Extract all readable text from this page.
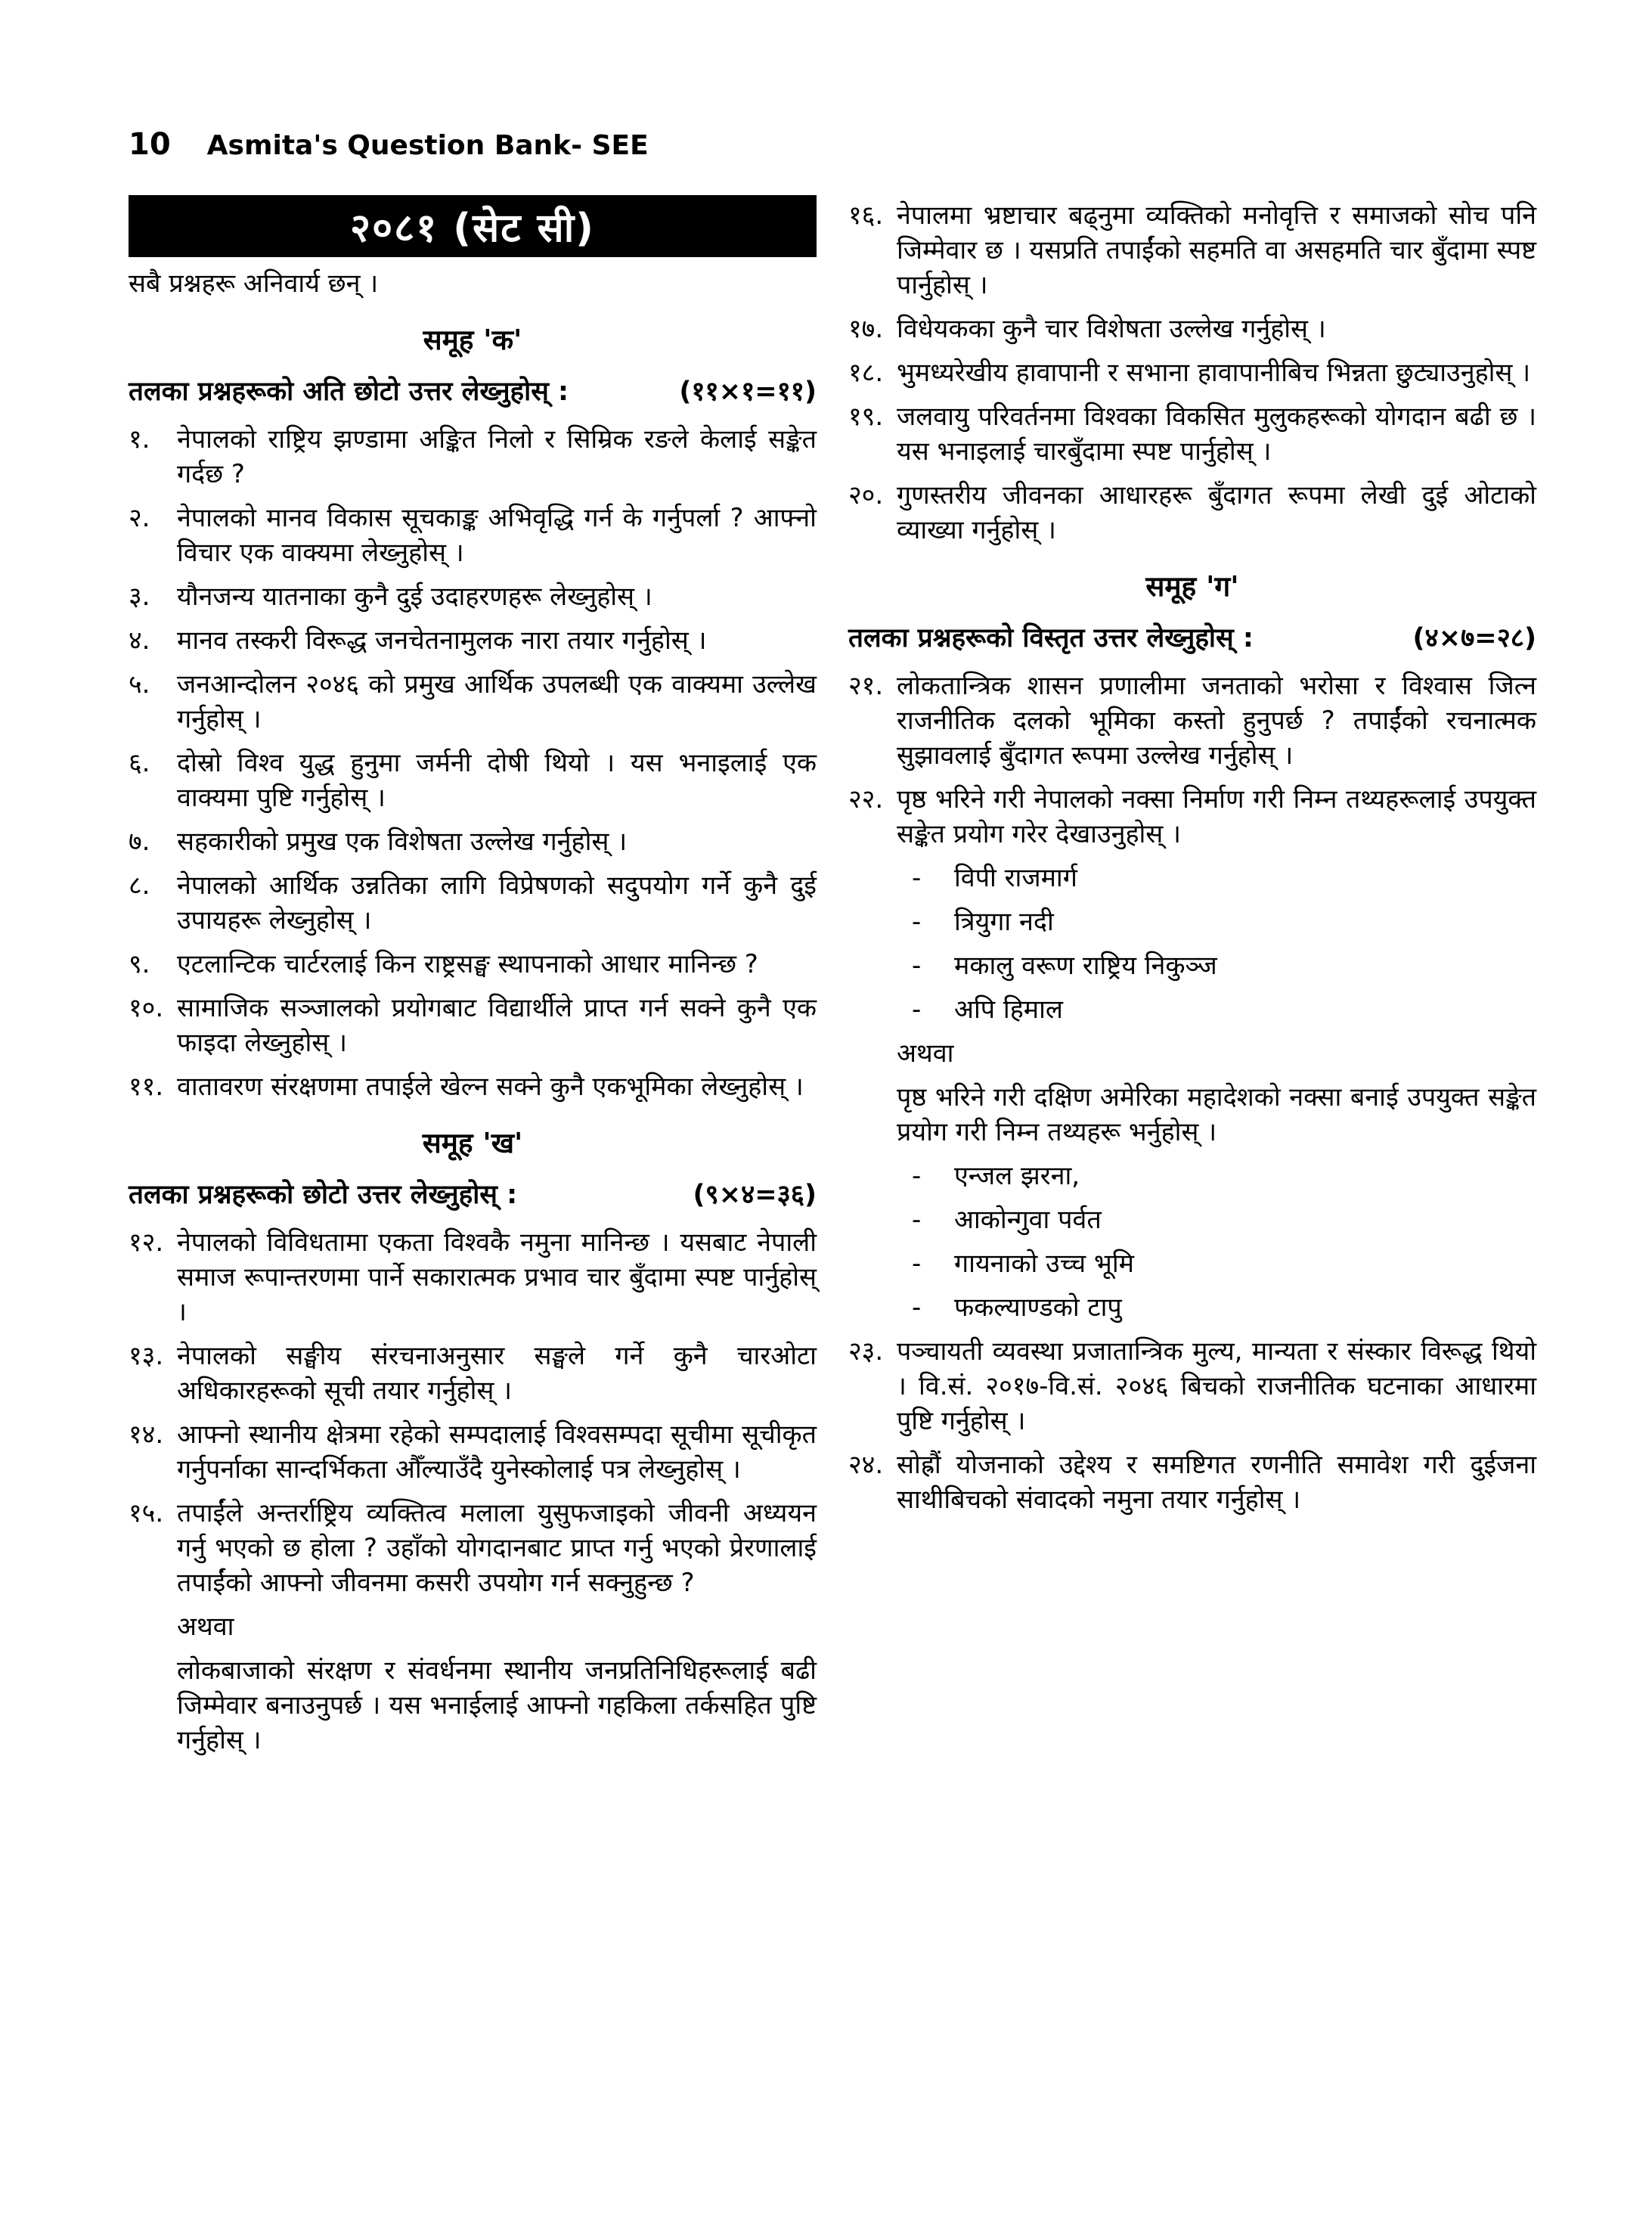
10 Asmita's Question Bank- SEE
२०८१ (सेट सी)
सबै प्रश्नहरू अनिवार्य छन् ।
समूह 'क'
तलका प्रश्नहरूको अति छोटो उत्तर लेख्नुहोस् :	(११×१=११)
१.	नेपालको राष्ट्रिय झण्डामा अङ्कित निलो र सिम्रिक रङले केलाई सङ्केत गर्दछ ?
२.	नेपालको मानव विकास सूचकाङ्क अभिवृद्धि गर्न के गर्नुपर्ला ? आफ्नो विचार एक वाक्यमा लेख्नुहोस् ।
३.	यौनजन्य यातनाका कुनै दुई उदाहरणहरू लेख्नुहोस् ।
४.	मानव तस्करी विरूद्ध जनचेतनामुलक नारा तयार गर्नुहोस् ।
५.	जनआन्दोलन २०४६ को प्रमुख आर्थिक उपलब्धी एक वाक्यमा उल्लेख गर्नुहोस् ।
६.	दोस्रो विश्व युद्ध हुनुमा जर्मनी दोषी थियो । यस भनाइलाई एक वाक्यमा पुष्टि गर्नुहोस् ।
७.	सहकारीको प्रमुख एक विशेषता उल्लेख गर्नुहोस् ।
८.	नेपालको आर्थिक उन्नतिका लागि विप्रेषणको सदुपयोग गर्ने कुनै दुई उपायहरू लेख्नुहोस् ।
९.	एटलान्टिक चार्टरलाई किन राष्ट्रसङ्घ स्थापनाको आधार मानिन्छ ?
१०. सामाजिक सञ्जालको प्रयोगबाट विद्यार्थीले प्राप्त गर्न सक्ने कुनै एक फाइदा लेख्नुहोस् ।
११. वातावरण संरक्षणमा तपाईले खेल्न सक्ने कुनै एकभूमिका लेख्नुहोस् ।
समूह 'ख'
तलका प्रश्नहरूको छोटो उत्तर लेख्नुहोस् :	(९×४=३६)
१२. नेपालको विविधतामा एकता विश्वकै नमुना मानिन्छ । यसबाट नेपाली समाज रूपान्तरणमा पार्ने सकारात्मक प्रभाव चार बुँदामा स्पष्ट पार्नुहोस् ।
१३. नेपालको सङ्घीय संरचनाअनुसार सङ्घले गर्ने कुनै चारओटा अधिकारहरूको सूची तयार गर्नुहोस् ।
१४. आफ्नो स्थानीय क्षेत्रमा रहेको सम्पदालाई विश्वसम्पदा सूचीमा सूचीकृत गर्नुपर्नाका सान्दर्भिकता औँल्याउँदै युनेस्कोलाई पत्र लेख्नुहोस् ।
१५. तपाईंले अन्तर्राष्ट्रिय व्यक्तित्व मलाला युसुफजाइको जीवनी अध्ययन गर्नु भएको छ होला ? उहाँको योगदानबाट प्राप्त गर्नु भएको प्रेरणालाई तपाईंको आफ्नो जीवनमा कसरी उपयोग गर्न सक्नुहुन्छ ?
अथवा
लोकबाजाको संरक्षण र संवर्धनमा स्थानीय जनप्रतिनिधिहरूलाई बढी जिम्मेवार बनाउनुपर्छ । यस भनाईलाई आफ्नो गहकिला तर्कसहित पुष्टि गर्नुहोस् ।
१६. नेपालमा भ्रष्टाचार बढ्नुमा व्यक्तिको मनोवृत्ति र समाजको सोच पनि जिम्मेवार छ । यसप्रति तपाईंको सहमति वा असहमति चार बुँदामा स्पष्ट पार्नुहोस् ।
१७. विधेयकका कुनै चार विशेषता उल्लेख गर्नुहोस् ।
१८. भुमध्यरेखीय हावापानी र सभाना हावापानीबिच भिन्नता छुट्याउनुहोस् ।
१९. जलवायु परिवर्तनमा विश्वका विकसित मुलुकहरूको योगदान बढी छ । यस भनाइलाई चारबुँदामा स्पष्ट पार्नुहोस् ।
२०. गुणस्तरीय जीवनका आधारहरू बुँदागत रूपमा लेखी दुई ओटाको व्याख्या गर्नुहोस् ।
समूह 'ग'
तलका प्रश्नहरूको विस्तृत उत्तर लेख्नुहोस् :	(४×७=२८)
२१. लोकतान्त्रिक शासन प्रणालीमा जनताको भरोसा र विश्वास जित्न राजनीतिक दलको भूमिका कस्तो हुनुपर्छ ? तपाईंको रचनात्मक सुझावलाई बुँदागत रूपमा उल्लेख गर्नुहोस् ।
२२. पृष्ठ भरिने गरी नेपालको नक्सा निर्माण गरी निम्न तथ्यहरूलाई उपयुक्त सङ्केत प्रयोग गरेर देखाउनुहोस् ।
-	विपी राजमार्ग
-	त्रियुगा नदी
-	मकालु वरूण राष्ट्रिय निकुञ्ज
-	अपि हिमाल
अथवा
पृष्ठ भरिने गरी दक्षिण अमेरिका महादेशको नक्सा बनाई उपयुक्त सङ्केत प्रयोग गरी निम्न तथ्यहरू भर्नुहोस् ।
-	एन्जल झरना,
-	आकोन्गुवा पर्वत
-	गायनाको उच्च भूमि
-	फकल्याण्डको टापु
२३. पञ्चायती व्यवस्था प्रजातान्त्रिक मुल्य, मान्यता र संस्कार विरूद्ध थियो । वि.सं. २०१७-वि.सं. २०४६ बिचको राजनीतिक घटनाका आधारमा पुष्टि गर्नुहोस् ।
२४. सोह्रौं योजनाको उद्देश्य र समष्टिगत रणनीति समावेश गरी दुईजना साथीबिचको संवादको नमुना तयार गर्नुहोस् ।
